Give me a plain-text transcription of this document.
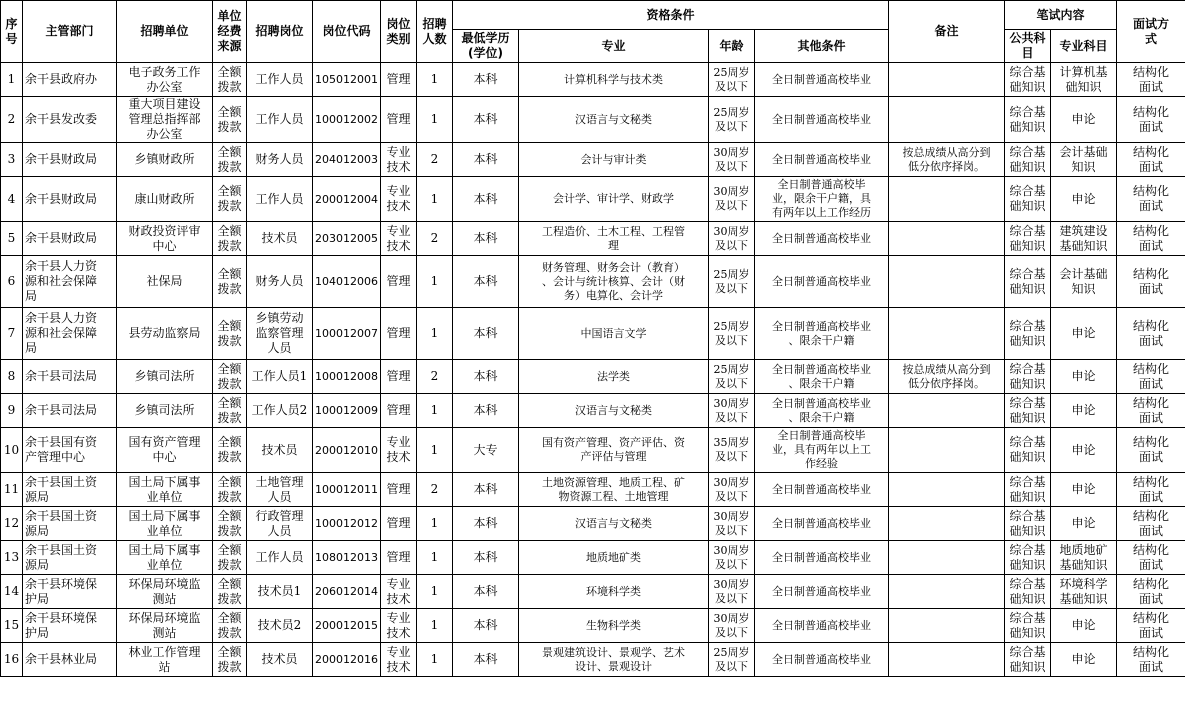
序
号	主管部门	招聘单位	单位
经费
来源	招聘岗位	岗位代码	岗位
类别	招聘
人数	资格条件				备注	笔试内容		面试方
式
								最低学历
(学位)	专业	年龄	其他条件		公共科
目	专业科目	
1	余干县政府办	电子政务工作
办公室	全额
拨款	工作人员	105012001	管理	1	本科	计算机科学与技术类	25周岁
及以下	全日制普通高校毕业		综合基
础知识	计算机基
础知识	结构化
面试
2	余干县发改委	重大项目建设
管理总指挥部
办公室	全额
拨款	工作人员	100012002	管理	1	本科	汉语言与文秘类	25周岁
及以下	全日制普通高校毕业		综合基
础知识	申论	结构化
面试
3	余干县财政局	乡镇财政所	全额
拨款	财务人员	204012003	专业
技术	2	本科	会计与审计类	30周岁
及以下	全日制普通高校毕业	按总成绩从高分到
低分依序择岗。	综合基
础知识	会计基础
知识	结构化
面试
4	余干县财政局	康山财政所	全额
拨款	工作人员	200012004	专业
技术	1	本科	会计学、审计学、财政学	30周岁
及以下	全日制普通高校毕
业，限余干户籍，具
有两年以上工作经历		综合基
础知识	申论	结构化
面试
5	余干县财政局	财政投资评审
中心	全额
拨款	技术员	203012005	专业
技术	2	本科	工程造价、土木工程、工程管
理	30周岁
及以下	全日制普通高校毕业		综合基
础知识	建筑建设
基础知识	结构化
面试
6	余干县人力资
源和社会保障
局	社保局	全额
拨款	财务人员	104012006	管理	1	本科	财务管理、财务会计（教育）
、会计与统计核算、会计（财
务）电算化、会计学	25周岁
及以下	全日制普通高校毕业		综合基
础知识	会计基础
知识	结构化
面试
7	余干县人力资
源和社会保障
局	县劳动监察局	全额
拨款	乡镇劳动
监察管理
人员	100012007	管理	1	本科	中国语言文学	25周岁
及以下	全日制普通高校毕业
、限余干户籍		综合基
础知识	申论	结构化
面试
8	余干县司法局	乡镇司法所	全额
拨款	工作人员1	100012008	管理	2	本科	法学类	25周岁
及以下	全日制普通高校毕业
、限余干户籍	按总成绩从高分到
低分依序择岗。	综合基
础知识	申论	结构化
面试
9	余干县司法局	乡镇司法所	全额
拨款	工作人员2	100012009	管理	1	本科	汉语言与文秘类	30周岁
及以下	全日制普通高校毕业
、限余干户籍		综合基
础知识	申论	结构化
面试
10	余干县国有资
产管理中心	国有资产管理
中心	全额
拨款	技术员	200012010	专业
技术	1	大专	国有资产管理、资产评估、资
产评估与管理	35周岁
及以下	全日制普通高校毕
业，具有两年以上工
作经验		综合基
础知识	申论	结构化
面试
11	余干县国土资
源局	国土局下属事
业单位	全额
拨款	土地管理
人员	100012011	管理	2	本科	土地资源管理、地质工程、矿
物资源工程、土地管理	30周岁
及以下	全日制普通高校毕业		综合基
础知识	申论	结构化
面试
12	余干县国土资
源局	国土局下属事
业单位	全额
拨款	行政管理
人员	100012012	管理	1	本科	汉语言与文秘类	30周岁
及以下	全日制普通高校毕业		综合基
础知识	申论	结构化
面试
13	余干县国土资
源局	国土局下属事
业单位	全额
拨款	工作人员	108012013	管理	1	本科	地质地矿类	30周岁
及以下	全日制普通高校毕业		综合基
础知识	地质地矿
基础知识	结构化
面试
14	余干县环境保
护局	环保局环境监
测站	全额
拨款	技术员1	206012014	专业
技术	1	本科	环境科学类	30周岁
及以下	全日制普通高校毕业		综合基
础知识	环境科学
基础知识	结构化
面试
15	余干县环境保
护局	环保局环境监
测站	全额
拨款	技术员2	200012015	专业
技术	1	本科	生物科学类	30周岁
及以下	全日制普通高校毕业		综合基
础知识	申论	结构化
面试
16	余干县林业局	林业工作管理
站	全额
拨款	技术员	200012016	专业
技术	1	本科	景观建筑设计、景观学、艺术
设计、景观设计	25周岁
及以下	全日制普通高校毕业		综合基
础知识	申论	结构化
面试
